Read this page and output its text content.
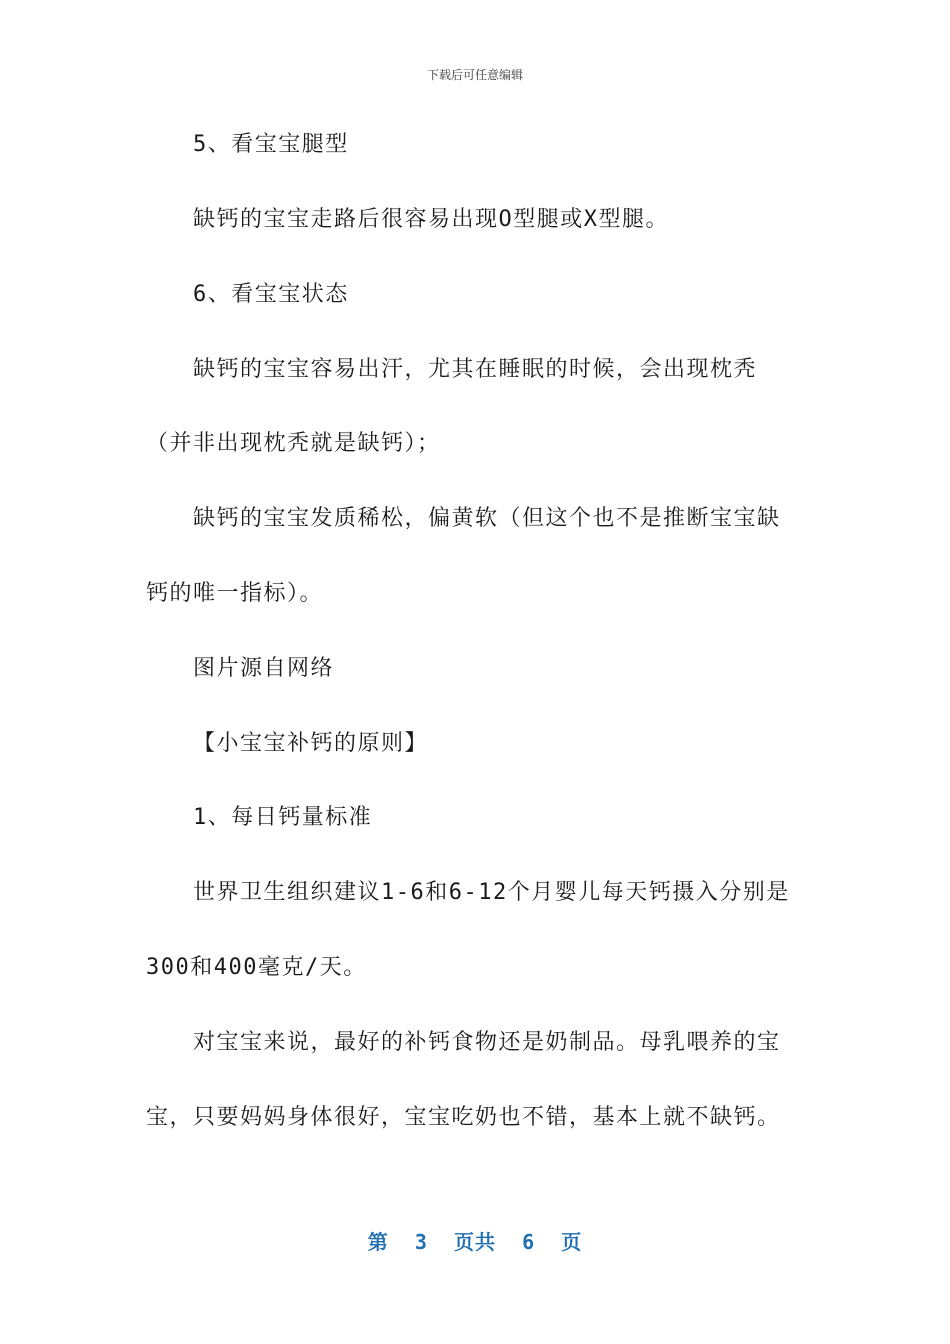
下载后可任意编辑

5、看宝宝腿型

缺钙的宝宝走路后很容易出现O型腿或X型腿。

6、看宝宝状态

缺钙的宝宝容易出汗，尤其在睡眠的时候，会出现枕秃

（并非出现枕秃就是缺钙）；

缺钙的宝宝发质稀松，偏黄软（但这个也不是推断宝宝缺

钙的唯一指标）。

图片源自网络

【小宝宝补钙的原则】

1、每日钙量标准

世界卫生组织建议1-6和6-12个月婴儿每天钙摄入分别是

300和400毫克/天。

对宝宝来说，最好的补钙食物还是奶制品。母乳喂养的宝

宝，只要妈妈身体很好，宝宝吃奶也不错，基本上就不缺钙。

第  3  页共  6  页
